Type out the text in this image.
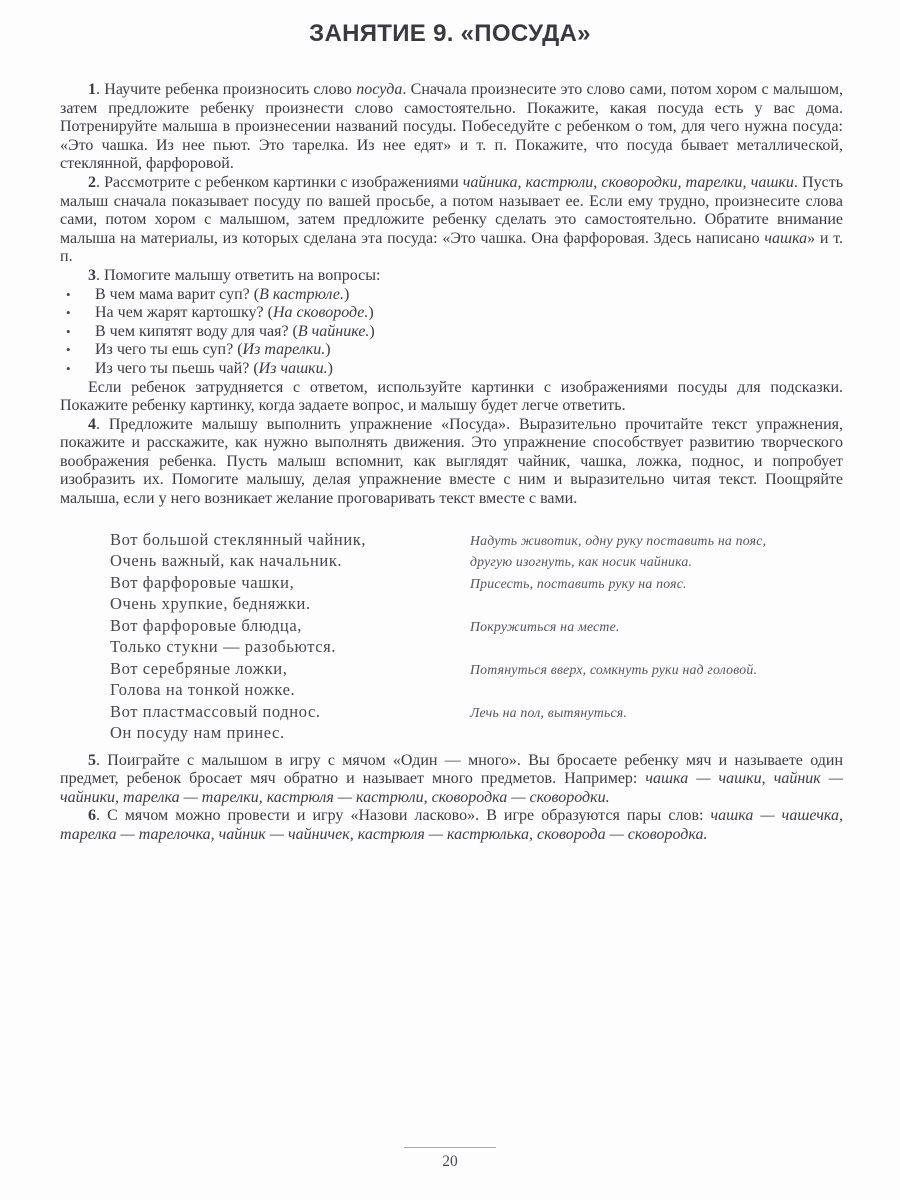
ЗАНЯТИЕ 9. «ПОСУДА»

1. Научите ребенка произносить слово посуда. Сначала произнесите это слово сами, потом хором с малышом, затем предложите ребенку произнести слово самостоятельно. Покажите, какая посуда есть у вас дома. Потренируйте малыша в произнесении названий посуды. Побеседуйте с ребенком о том, для чего нужна посуда: «Это чашка. Из нее пьют. Это тарелка. Из нее едят» и т. п. Покажите, что посуда бывает металлической, стеклянной, фарфоровой.

2. Рассмотрите с ребенком картинки с изображениями чайника, кастрюли, сковородки, тарелки, чашки. Пусть малыш сначала показывает посуду по вашей просьбе, а потом называет ее. Если ему трудно, произнесите слова сами, потом хором с малышом, затем предложите ребенку сделать это самостоятельно. Обратите внимание малыша на материалы, из которых сделана эта посуда: «Это чашка. Она фарфоровая. Здесь написано чашка» и т. п.

3. Помогите малышу ответить на вопросы:

•	В чем мама варит суп? (В кастрюле.)
•	На чем жарят картошку? (На сковороде.)
•	В чем кипятят воду для чая? (В чайнике.)
•	Из чего ты ешь суп? (Из тарелки.)
•	Из чего ты пьешь чай? (Из чашки.)

Если ребенок затрудняется с ответом, используйте картинки с изображениями посуды для подсказки. Покажите ребенку картинку, когда задаете вопрос, и малышу будет легче ответить.

4. Предложите малышу выполнить упражнение «Посуда». Выразительно прочитайте текст упражнения, покажите и расскажите, как нужно выполнять движения. Это упражнение способствует развитию творческого воображения ребенка. Пусть малыш вспомнит, как выглядят чайник, чашка, ложка, поднос, и попробует изобразить их. Помогите малышу, делая упражнение вместе с ним и выразительно читая текст. Поощряйте малыша, если у него возникает желание проговаривать текст вместе с вами.

Вот большой стеклянный чайник,	Надуть животик, одну руку поставить на пояс,
Очень важный, как начальник.	другую изогнуть, как носик чайника.
Вот фарфоровые чашки,	Присесть, поставить руку на пояс.
Очень хрупкие, бедняжки.
Вот фарфоровые блюдца,	Покружиться на месте.
Только стукни — разобьются.
Вот серебряные ложки,	Потянуться вверх, сомкнуть руки над головой.
Голова на тонкой ножке.
Вот пластмассовый поднос.	Лечь на пол, вытянуться.
Он посуду нам принес.

5. Поиграйте с малышом в игру с мячом «Один — много». Вы бросаете ребенку мяч и называете один предмет, ребенок бросает мяч обратно и называет много предметов. Например: чашка — чашки, чайник — чайники, тарелка — тарелки, кастрюля — кастрюли, сковородка — сковородки.

6. С мячом можно провести и игру «Назови ласково». В игре образуются пары слов: чашка — чашечка, тарелка — тарелочка, чайник — чайничек, кастрюля — кастрюлька, сковорода — сковородка.

20
